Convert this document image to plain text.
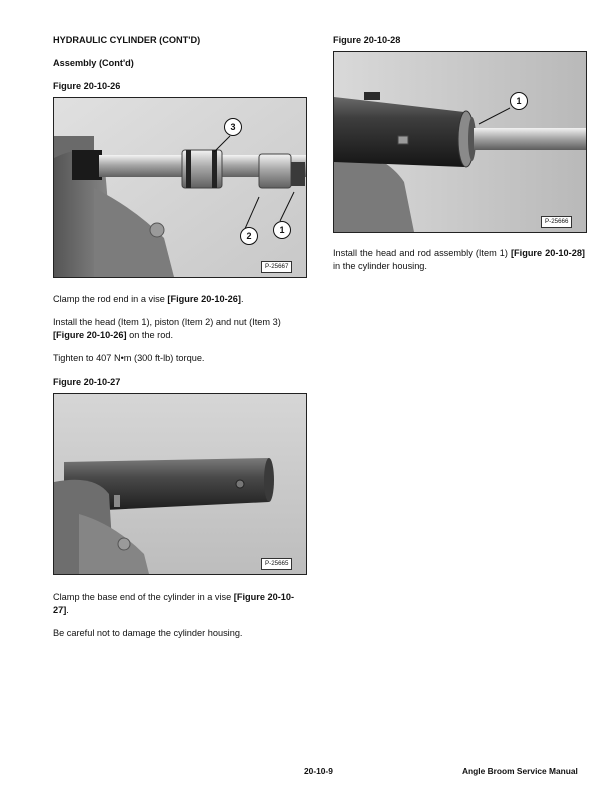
HYDRAULIC CYLINDER (CONT'D)
Assembly (Cont'd)
Figure 20-10-26
3
2
1
P-25667

Clamp the rod end in a vise [Figure 20-10-26].

Install the head (Item 1), piston (Item 2) and nut (Item 3) [Figure 20-10-26] on the rod.

Tighten to 407 N•m (300 ft-lb) torque.

Figure 20-10-27
P-25665

Clamp the base end of the cylinder in a vise [Figure 20-10-27].

Be careful not to damage the cylinder housing.

Figure 20-10-28
1
P-25666

Install the head and rod assembly (Item 1) [Figure 20-10-28] in the cylinder housing.

20-10-9	Angle Broom Service Manual
